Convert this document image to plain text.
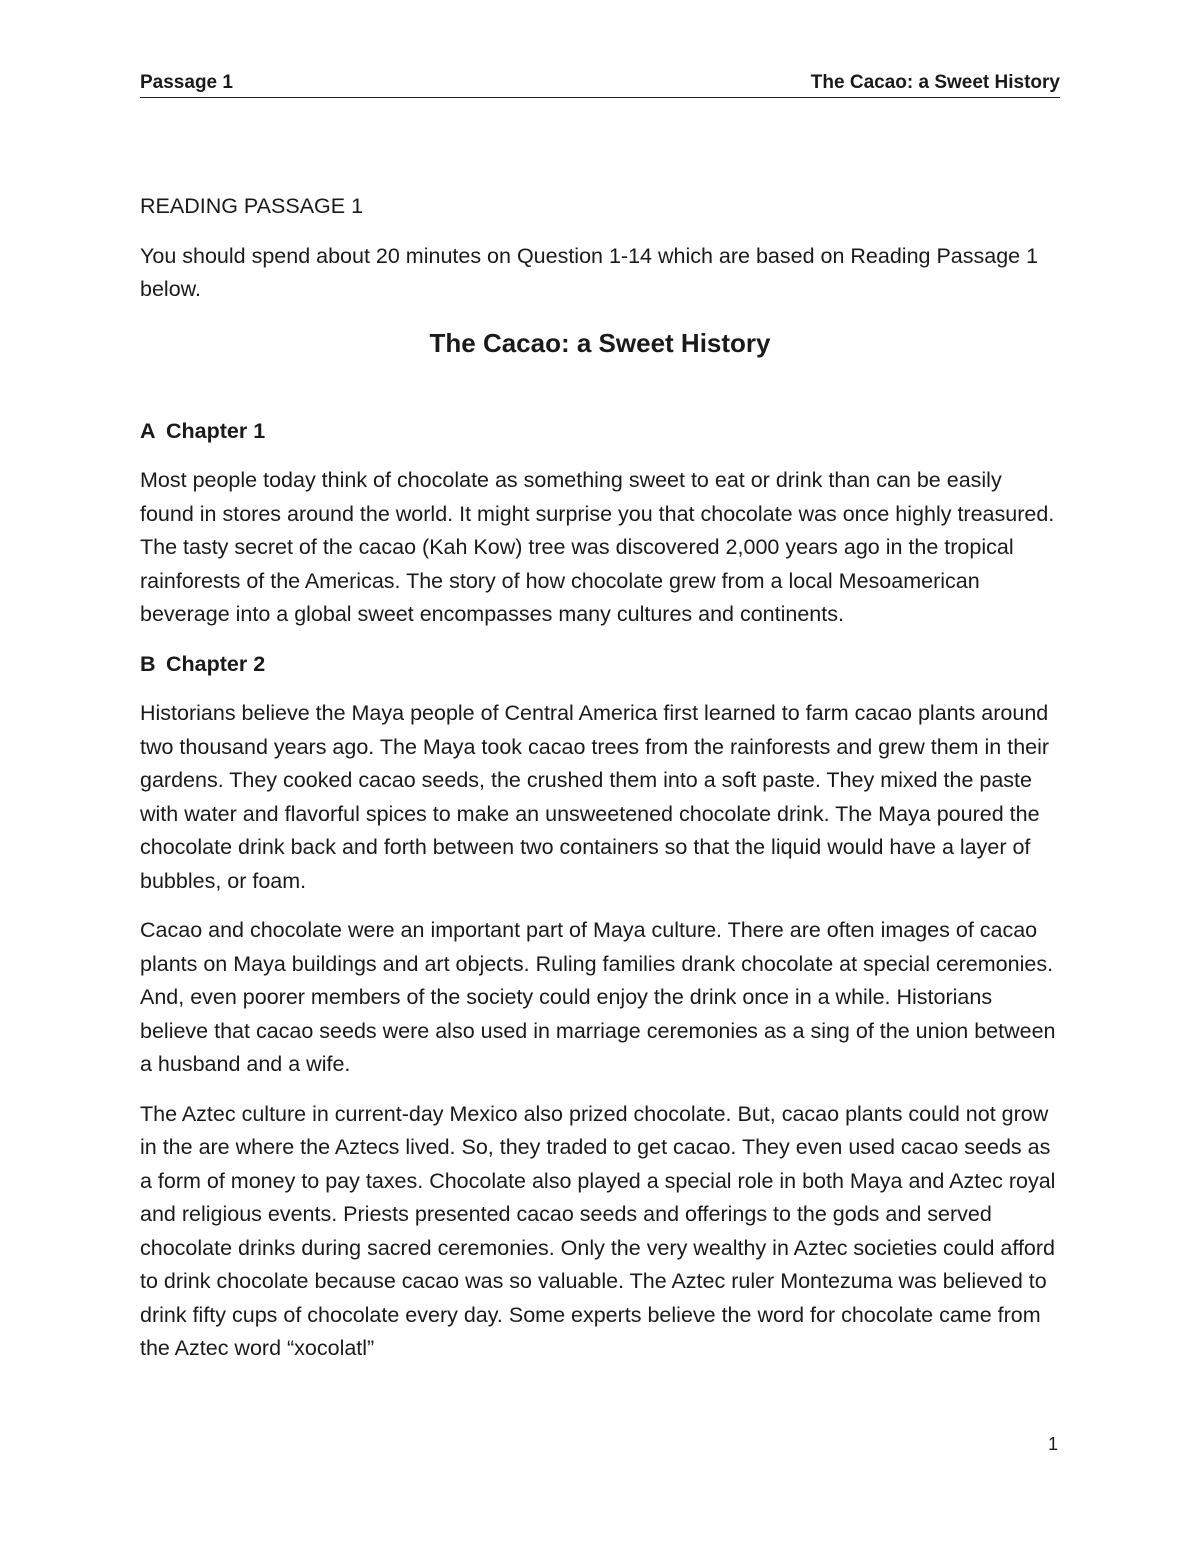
Passage 1	The Cacao: a Sweet History

READING PASSAGE 1

You should spend about 20 minutes on Question 1-14 which are based on Reading Passage 1 below.

The Cacao: a Sweet History
A Chapter 1

Most people today think of chocolate as something sweet to eat or drink than can be easily found in stores around the world. It might surprise you that chocolate was once highly treasured. The tasty secret of the cacao (Kah Kow) tree was discovered 2,000 years ago in the tropical rainforests of the Americas. The story of how chocolate grew from a local Mesoamerican beverage into a global sweet encompasses many cultures and continents.

B Chapter 2

Historians believe the Maya people of Central America first learned to farm cacao plants around two thousand years ago. The Maya took cacao trees from the rainforests and grew them in their gardens. They cooked cacao seeds, the crushed them into a soft paste. They mixed the paste with water and flavorful spices to make an unsweetened chocolate drink. The Maya poured the chocolate drink back and forth between two containers so that the liquid would have a layer of bubbles, or foam.

Cacao and chocolate were an important part of Maya culture. There are often images of cacao plants on Maya buildings and art objects. Ruling families drank chocolate at special ceremonies. And, even poorer members of the society could enjoy the drink once in a while. Historians believe that cacao seeds were also used in marriage ceremonies as a sing of the union between a husband and a wife.

The Aztec culture in current-day Mexico also prized chocolate. But, cacao plants could not grow in the are where the Aztecs lived. So, they traded to get cacao. They even used cacao seeds as a form of money to pay taxes. Chocolate also played a special role in both Maya and Aztec royal and religious events. Priests presented cacao seeds and offerings to the gods and served chocolate drinks during sacred ceremonies. Only the very wealthy in Aztec societies could afford to drink chocolate because cacao was so valuable. The Aztec ruler Montezuma was believed to drink fifty cups of chocolate every day. Some experts believe the word for chocolate came from the Aztec word “xocolatl”

1
